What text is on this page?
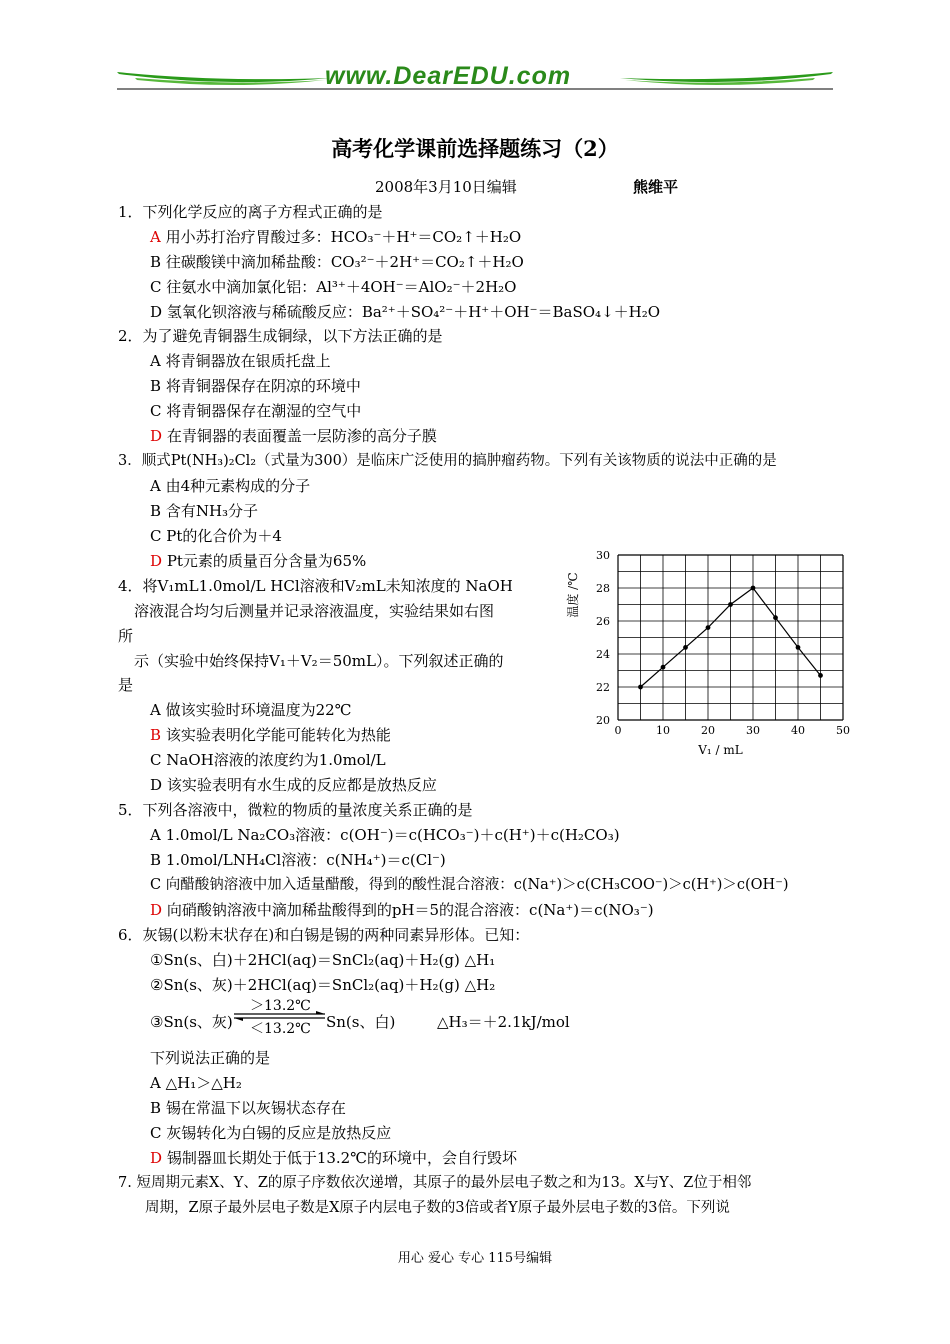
www.DearEDU.com
高考化学课前选择题练习（2）
2008年3月10日编辑	熊维平
1．下列化学反应的离子方程式正确的是
A 用小苏打治疗胃酸过多：HCO₃⁻＋H⁺＝CO₂↑＋H₂O
B 往碳酸镁中滴加稀盐酸：CO₃²⁻＋2H⁺＝CO₂↑＋H₂O
C 往氨水中滴加氯化铝：Al³⁺＋4OH⁻＝AlO₂⁻＋2H₂O
D 氢氧化钡溶液与稀硫酸反应：Ba²⁺＋SO₄²⁻＋H⁺＋OH⁻＝BaSO₄↓＋H₂O
2．为了避免青铜器生成铜绿，以下方法正确的是
A 将青铜器放在银质托盘上
B 将青铜器保存在阴凉的环境中
C 将青铜器保存在潮湿的空气中
D 在青铜器的表面覆盖一层防渗的高分子膜
3．顺式Pt(NH₃)₂Cl₂（式量为300）是临床广泛使用的搞肿瘤药物。下列有关该物质的说法中正确的是
A 由4种元素构成的分子
B 含有NH₃分子
C Pt的化合价为＋4
D Pt元素的质量百分含量为65%
4．将V₁mL1.0mol/L HCl溶液和V₂mL未知浓度的 NaOH
溶液混合均匀后测量并记录溶液温度，实验结果如右图
所
示（实验中始终保持V₁＋V₂＝50mL）。下列叙述正确的
是
A 做该实验时环境温度为22℃
B 该实验表明化学能可能转化为热能
C NaOH溶液的浓度约为1.0mol/L
D 该实验表明有水生成的反应都是放热反应
0	10	20	30	40	50
20
22
24
26
28
30
V₁ / mL
温度 /℃
5．下列各溶液中，微粒的物质的量浓度关系正确的是
A 1.0mol/L Na₂CO₃溶液：c(OH⁻)＝c(HCO₃⁻)＋c(H⁺)＋c(H₂CO₃)
B 1.0mol/LNH₄Cl溶液：c(NH₄⁺)＝c(Cl⁻)
C 向醋酸钠溶液中加入适量醋酸，得到的酸性混合溶液：c(Na⁺)＞c(CH₃COO⁻)＞c(H⁺)＞c(OH⁻)
D 向硝酸钠溶液中滴加稀盐酸得到的pH＝5的混合溶液：c(Na⁺)＝c(NO₃⁻)
6．灰锡(以粉末状存在)和白锡是锡的两种同素异形体。已知：
①Sn(s、白)＋2HCl(aq)＝SnCl₂(aq)＋H₂(g) △H₁
②Sn(s、灰)＋2HCl(aq)＝SnCl₂(aq)＋H₂(g) △H₂
③Sn(s、灰)
＞13.2℃
＜13.2℃ Sn(s、白)	△H₃＝＋2.1kJ/mol
下列说法正确的是
A △H₁＞△H₂
B 锡在常温下以灰锡状态存在
C 灰锡转化为白锡的反应是放热反应
D 锡制器皿长期处于低于13.2℃的环境中，会自行毁坏
7. 短周期元素X、Y、Z的原子序数依次递增，其原子的最外层电子数之和为13。X与Y、Z位于相邻
周期，Z原子最外层电子数是X原子内层电子数的3倍或者Y原子最外层电子数的3倍。下列说
用心 爱心 专心 115号编辑
